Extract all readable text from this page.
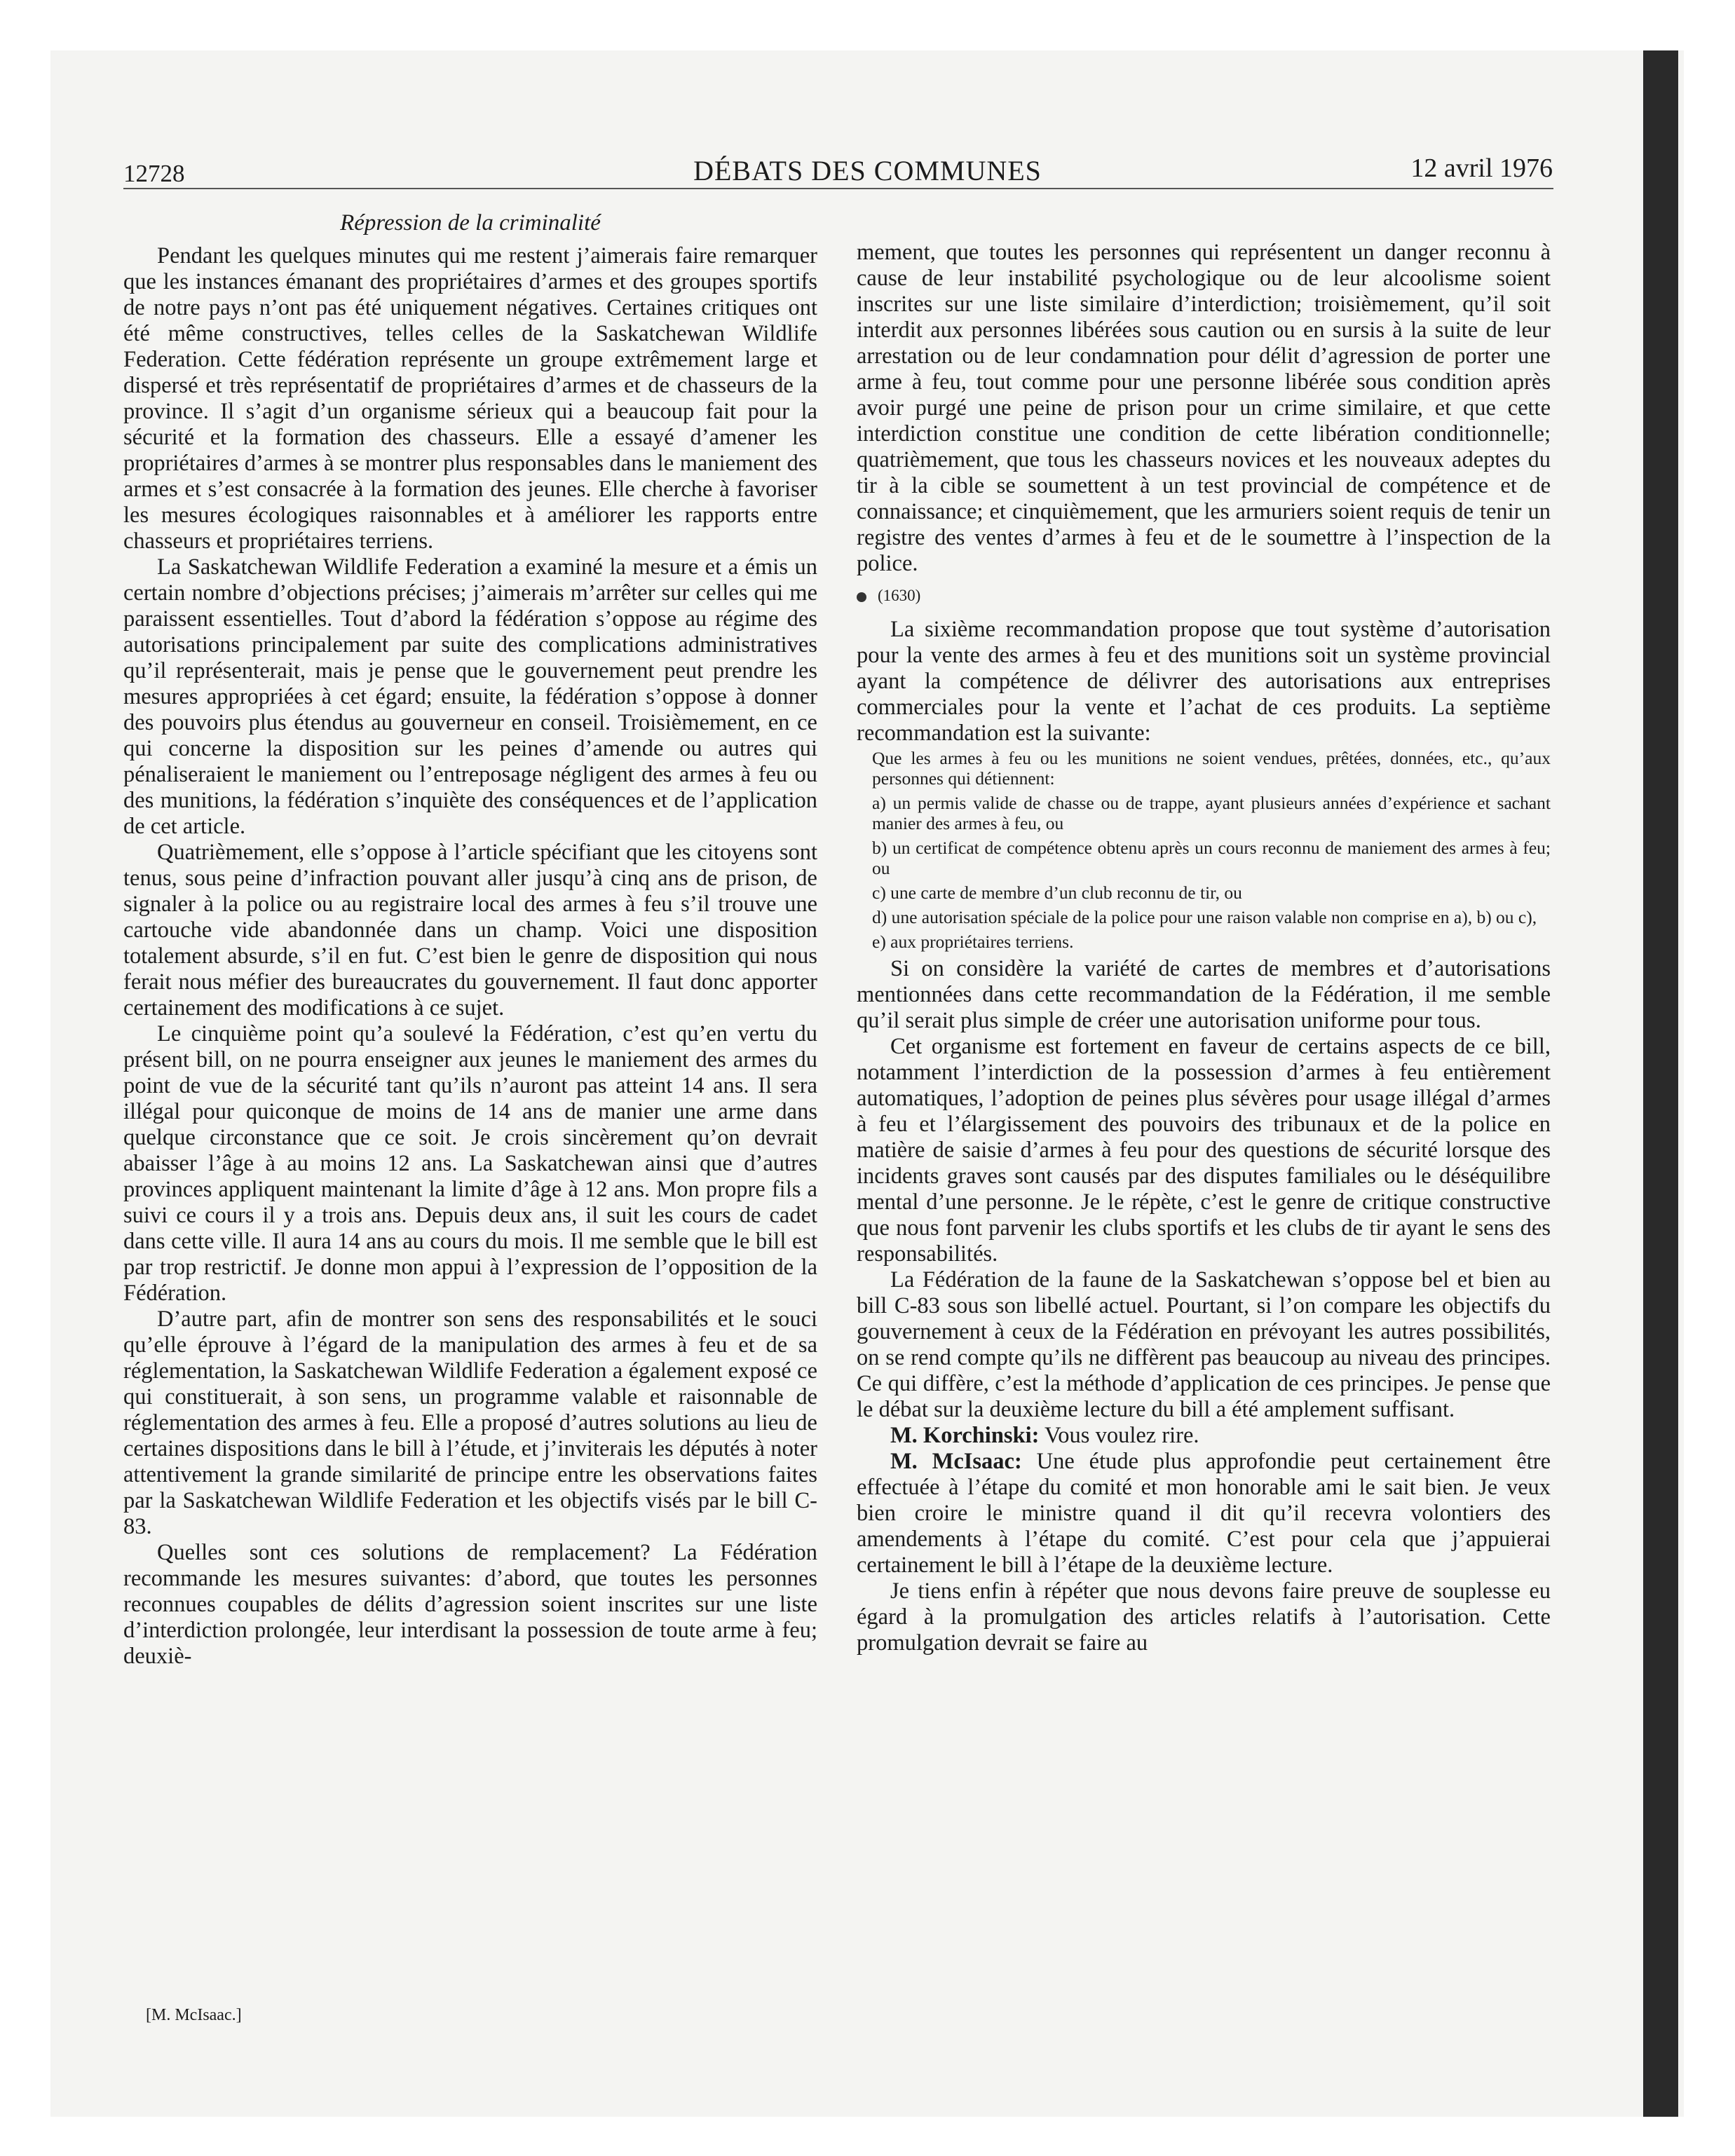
12728	DÉBATS DES COMMUNES	12 avril 1976

Répression de la criminalité

Pendant les quelques minutes qui me restent j’aimerais faire remarquer que les instances émanant des propriétaires d’armes et des groupes sportifs de notre pays n’ont pas été uniquement négatives. Certaines critiques ont été même constructives, telles celles de la Saskatchewan Wildlife Federation. Cette fédération représente un groupe extrêmement large et dispersé et très représentatif de propriétaires d’armes et de chasseurs de la province. Il s’agit d’un organisme sérieux qui a beaucoup fait pour la sécurité et la formation des chasseurs. Elle a essayé d’amener les propriétaires d’armes à se montrer plus responsables dans le maniement des armes et s’est consacrée à la formation des jeunes. Elle cherche à favoriser les mesures écologiques raisonnables et à améliorer les rapports entre chasseurs et propriétaires terriens.

La Saskatchewan Wildlife Federation a examiné la mesure et a émis un certain nombre d’objections précises; j’aimerais m’arrêter sur celles qui me paraissent essentielles. Tout d’abord la fédération s’oppose au régime des autorisations principalement par suite des complications administratives qu’il représenterait, mais je pense que le gouvernement peut prendre les mesures appropriées à cet égard; ensuite, la fédération s’oppose à donner des pouvoirs plus étendus au gouverneur en conseil. Troisièmement, en ce qui concerne la disposition sur les peines d’amende ou autres qui pénaliseraient le maniement ou l’entreposage négligent des armes à feu ou des munitions, la fédération s’inquiète des conséquences et de l’application de cet article.

Quatrièmement, elle s’oppose à l’article spécifiant que les citoyens sont tenus, sous peine d’infraction pouvant aller jusqu’à cinq ans de prison, de signaler à la police ou au registraire local des armes à feu s’il trouve une cartouche vide abandonnée dans un champ. Voici une disposition totalement absurde, s’il en fut. C’est bien le genre de disposition qui nous ferait nous méfier des bureaucrates du gouvernement. Il faut donc apporter certainement des modifications à ce sujet.

Le cinquième point qu’a soulevé la Fédération, c’est qu’en vertu du présent bill, on ne pourra enseigner aux jeunes le maniement des armes du point de vue de la sécurité tant qu’ils n’auront pas atteint 14 ans. Il sera illégal pour quiconque de moins de 14 ans de manier une arme dans quelque circonstance que ce soit. Je crois sincèrement qu’on devrait abaisser l’âge à au moins 12 ans. La Saskatchewan ainsi que d’autres provinces appliquent maintenant la limite d’âge à 12 ans. Mon propre fils a suivi ce cours il y a trois ans. Depuis deux ans, il suit les cours de cadet dans cette ville. Il aura 14 ans au cours du mois. Il me semble que le bill est par trop restrictif. Je donne mon appui à l’expression de l’opposition de la Fédération.

D’autre part, afin de montrer son sens des responsabilités et le souci qu’elle éprouve à l’égard de la manipulation des armes à feu et de sa réglementation, la Saskatchewan Wildlife Federation a également exposé ce qui constituerait, à son sens, un programme valable et raisonnable de réglementation des armes à feu. Elle a proposé d’autres solutions au lieu de certaines dispositions dans le bill à l’étude, et j’inviterais les députés à noter attentivement la grande similarité de principe entre les observations faites par la Saskatchewan Wildlife Federation et les objectifs visés par le bill C-83.

Quelles sont ces solutions de remplacement? La Fédération recommande les mesures suivantes: d’abord, que toutes les personnes reconnues coupables de délits d’agression soient inscrites sur une liste d’interdiction prolongée, leur interdisant la possession de toute arme à feu; deuxiè-

[M. McIsaac.]

mement, que toutes les personnes qui représentent un danger reconnu à cause de leur instabilité psychologique ou de leur alcoolisme soient inscrites sur une liste similaire d’interdiction; troisièmement, qu’il soit interdit aux personnes libérées sous caution ou en sursis à la suite de leur arrestation ou de leur condamnation pour délit d’agression de porter une arme à feu, tout comme pour une personne libérée sous condition après avoir purgé une peine de prison pour un crime similaire, et que cette interdiction constitue une condition de cette libération conditionnelle; quatrièmement, que tous les chasseurs novices et les nouveaux adeptes du tir à la cible se soumettent à un test provincial de compétence et de connaissance; et cinquièmement, que les armuriers soient requis de tenir un registre des ventes d’armes à feu et de le soumettre à l’inspection de la police.

(1630)

La sixième recommandation propose que tout système d’autorisation pour la vente des armes à feu et des munitions soit un système provincial ayant la compétence de délivrer des autorisations aux entreprises commerciales pour la vente et l’achat de ces produits. La septième recommandation est la suivante:

Que les armes à feu ou les munitions ne soient vendues, prêtées, données, etc., qu’aux personnes qui détiennent:

a) un permis valide de chasse ou de trappe, ayant plusieurs années d’expérience et sachant manier des armes à feu, ou

b) un certificat de compétence obtenu après un cours reconnu de maniement des armes à feu; ou

c) une carte de membre d’un club reconnu de tir, ou

d) une autorisation spéciale de la police pour une raison valable non comprise en a), b) ou c),

e) aux propriétaires terriens.

Si on considère la variété de cartes de membres et d’autorisations mentionnées dans cette recommandation de la Fédération, il me semble qu’il serait plus simple de créer une autorisation uniforme pour tous.

Cet organisme est fortement en faveur de certains aspects de ce bill, notamment l’interdiction de la possession d’armes à feu entièrement automatiques, l’adoption de peines plus sévères pour usage illégal d’armes à feu et l’élargissement des pouvoirs des tribunaux et de la police en matière de saisie d’armes à feu pour des questions de sécurité lorsque des incidents graves sont causés par des disputes familiales ou le déséquilibre mental d’une personne. Je le répète, c’est le genre de critique constructive que nous font parvenir les clubs sportifs et les clubs de tir ayant le sens des responsabilités.

La Fédération de la faune de la Saskatchewan s’oppose bel et bien au bill C-83 sous son libellé actuel. Pourtant, si l’on compare les objectifs du gouvernement à ceux de la Fédération en prévoyant les autres possibilités, on se rend compte qu’ils ne diffèrent pas beaucoup au niveau des principes. Ce qui diffère, c’est la méthode d’application de ces principes. Je pense que le débat sur la deuxième lecture du bill a été amplement suffisant.

M. Korchinski: Vous voulez rire.

M. McIsaac: Une étude plus approfondie peut certainement être effectuée à l’étape du comité et mon honorable ami le sait bien. Je veux bien croire le ministre quand il dit qu’il recevra volontiers des amendements à l’étape du comité. C’est pour cela que j’appuierai certainement le bill à l’étape de la deuxième lecture.

Je tiens enfin à répéter que nous devons faire preuve de souplesse eu égard à la promulgation des articles relatifs à l’autorisation. Cette promulgation devrait se faire au
